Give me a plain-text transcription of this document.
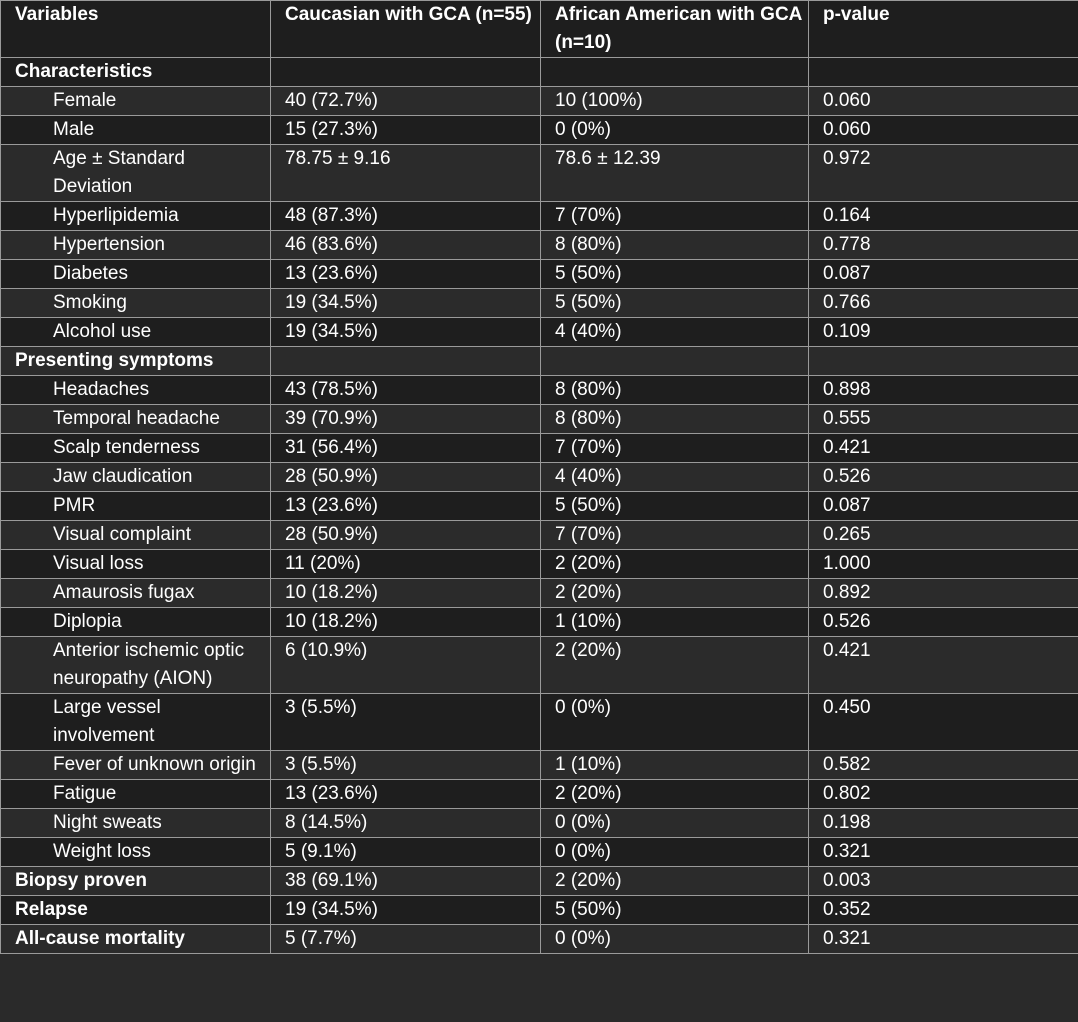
Variables	Caucasian with GCA (n=55)	African American with GCA (n=10)	p-value
Characteristics			
Female	40 (72.7%)	10 (100%)	0.060
Male	15 (27.3%)	0 (0%)	0.060
Age ± Standard Deviation	78.75 ± 9.16	78.6 ± 12.39	0.972
Hyperlipidemia	48 (87.3%)	7 (70%)	0.164
Hypertension	46 (83.6%)	8 (80%)	0.778
Diabetes	13 (23.6%)	5 (50%)	0.087
Smoking	19 (34.5%)	5 (50%)	0.766
Alcohol use	19 (34.5%)	4 (40%)	0.109
Presenting symptoms			
Headaches	43 (78.5%)	8 (80%)	0.898
Temporal headache	39 (70.9%)	8 (80%)	0.555
Scalp tenderness	31 (56.4%)	7 (70%)	0.421
Jaw claudication	28 (50.9%)	4 (40%)	0.526
PMR	13 (23.6%)	5 (50%)	0.087
Visual complaint	28 (50.9%)	7 (70%)	0.265
Visual loss	11 (20%)	2 (20%)	1.000
Amaurosis fugax	10 (18.2%)	2 (20%)	0.892
Diplopia	10 (18.2%)	1 (10%)	0.526
Anterior ischemic optic neuropathy (AION)	6 (10.9%)	2 (20%)	0.421
Large vessel involvement	3 (5.5%)	0 (0%)	0.450
Fever of unknown origin	3 (5.5%)	1 (10%)	0.582
Fatigue	13 (23.6%)	2 (20%)	0.802
Night sweats	8 (14.5%)	0 (0%)	0.198
Weight loss	5 (9.1%)	0 (0%)	0.321
Biopsy proven	38 (69.1%)	2 (20%)	0.003
Relapse	19 (34.5%)	5 (50%)	0.352
All-cause mortality	5 (7.7%)	0 (0%)	0.321
